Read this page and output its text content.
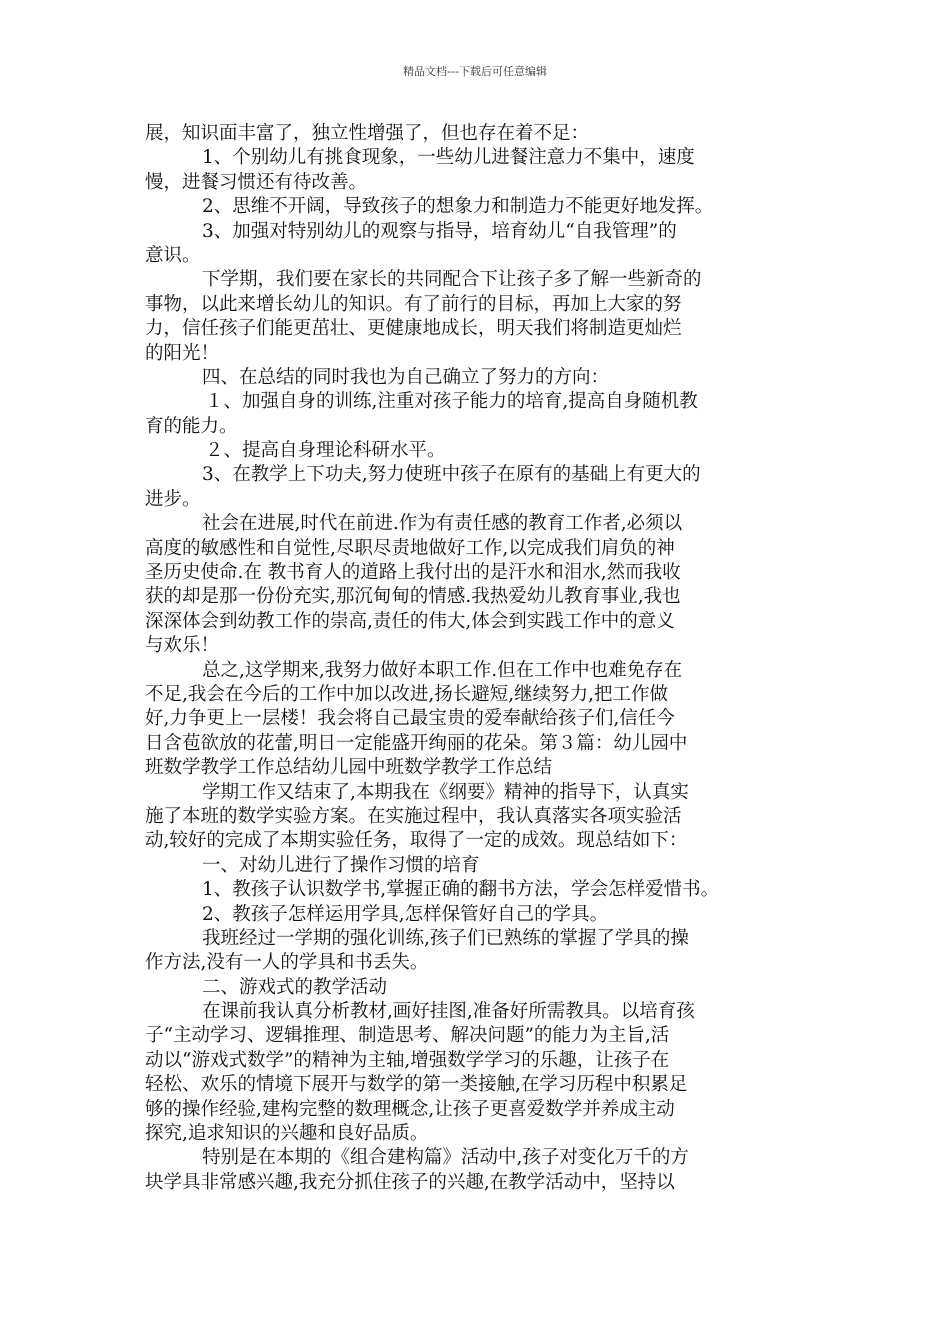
精品文档---下载后可任意编辑
展，知识面丰富了，独立性增强了，但也存在着不足：
1、个别幼儿有挑食现象，一些幼儿进餐注意力不集中，速度
慢，进餐习惯还有待改善。
2、思维不开阔，导致孩子的想象力和制造力不能更好地发挥。
3、加强对特别幼儿的观察与指导，培育幼儿“自我管理”的
意识。
下学期，我们要在家长的共同配合下让孩子多了解一些新奇的
事物，以此来增长幼儿的知识。有了前行的目标，再加上大家的努
力，信任孩子们能更茁壮、更健康地成长，明天我们将制造更灿烂
的阳光！
四、在总结的同时我也为自己确立了努力的方向：
１、加强自身的训练,注重对孩子能力的培育,提高自身随机教
育的能力。
２、提高自身理论科研水平。
3、在教学上下功夫,努力使班中孩子在原有的基础上有更大的
进步。
社会在进展,时代在前进.作为有责任感的教育工作者,必须以
高度的敏感性和自觉性,尽职尽责地做好工作,以完成我们肩负的神
圣历史使命.在 教书育人的道路上我付出的是汗水和泪水,然而我收
获的却是那一份份充实,那沉甸甸的情感.我热爱幼儿教育事业,我也
深深体会到幼教工作的崇高,责任的伟大,体会到实践工作中的意义
与欢乐！
总之,这学期来,我努力做好本职工作.但在工作中也难免存在
不足,我会在今后的工作中加以改进,扬长避短,继续努力,把工作做
好,力争更上一层楼！我会将自己最宝贵的爱奉献给孩子们,信任今
日含苞欲放的花蕾,明日一定能盛开绚丽的花朵。第３篇：幼儿园中
班数学教学工作总结幼儿园中班数学教学工作总结
学期工作又结束了,本期我在《纲要》精神的指导下，认真实
施了本班的数学实验方案。在实施过程中，我认真落实各项实验活
动,较好的完成了本期实验任务，取得了一定的成效。现总结如下：
一、对幼儿进行了操作习惯的培育
1、教孩子认识数学书,掌握正确的翻书方法，学会怎样爱惜书。
2、教孩子怎样运用学具,怎样保管好自己的学具。
我班经过一学期的强化训练,孩子们已熟练的掌握了学具的操
作方法,没有一人的学具和书丢失。
二、游戏式的教学活动
在课前我认真分析教材,画好挂图,准备好所需教具。以培育孩
子“主动学习、逻辑推理、制造思考、解决问题”的能力为主旨,活
动以“游戏式数学”的精神为主轴,增强数学学习的乐趣，让孩子在
轻松、欢乐的情境下展开与数学的第一类接触,在学习历程中积累足
够的操作经验,建构完整的数理概念,让孩子更喜爱数学并养成主动
探究,追求知识的兴趣和良好品质。
特别是在本期的《组合建构篇》活动中,孩子对变化万千的方
块学具非常感兴趣,我充分抓住孩子的兴趣,在教学活动中，坚持以
